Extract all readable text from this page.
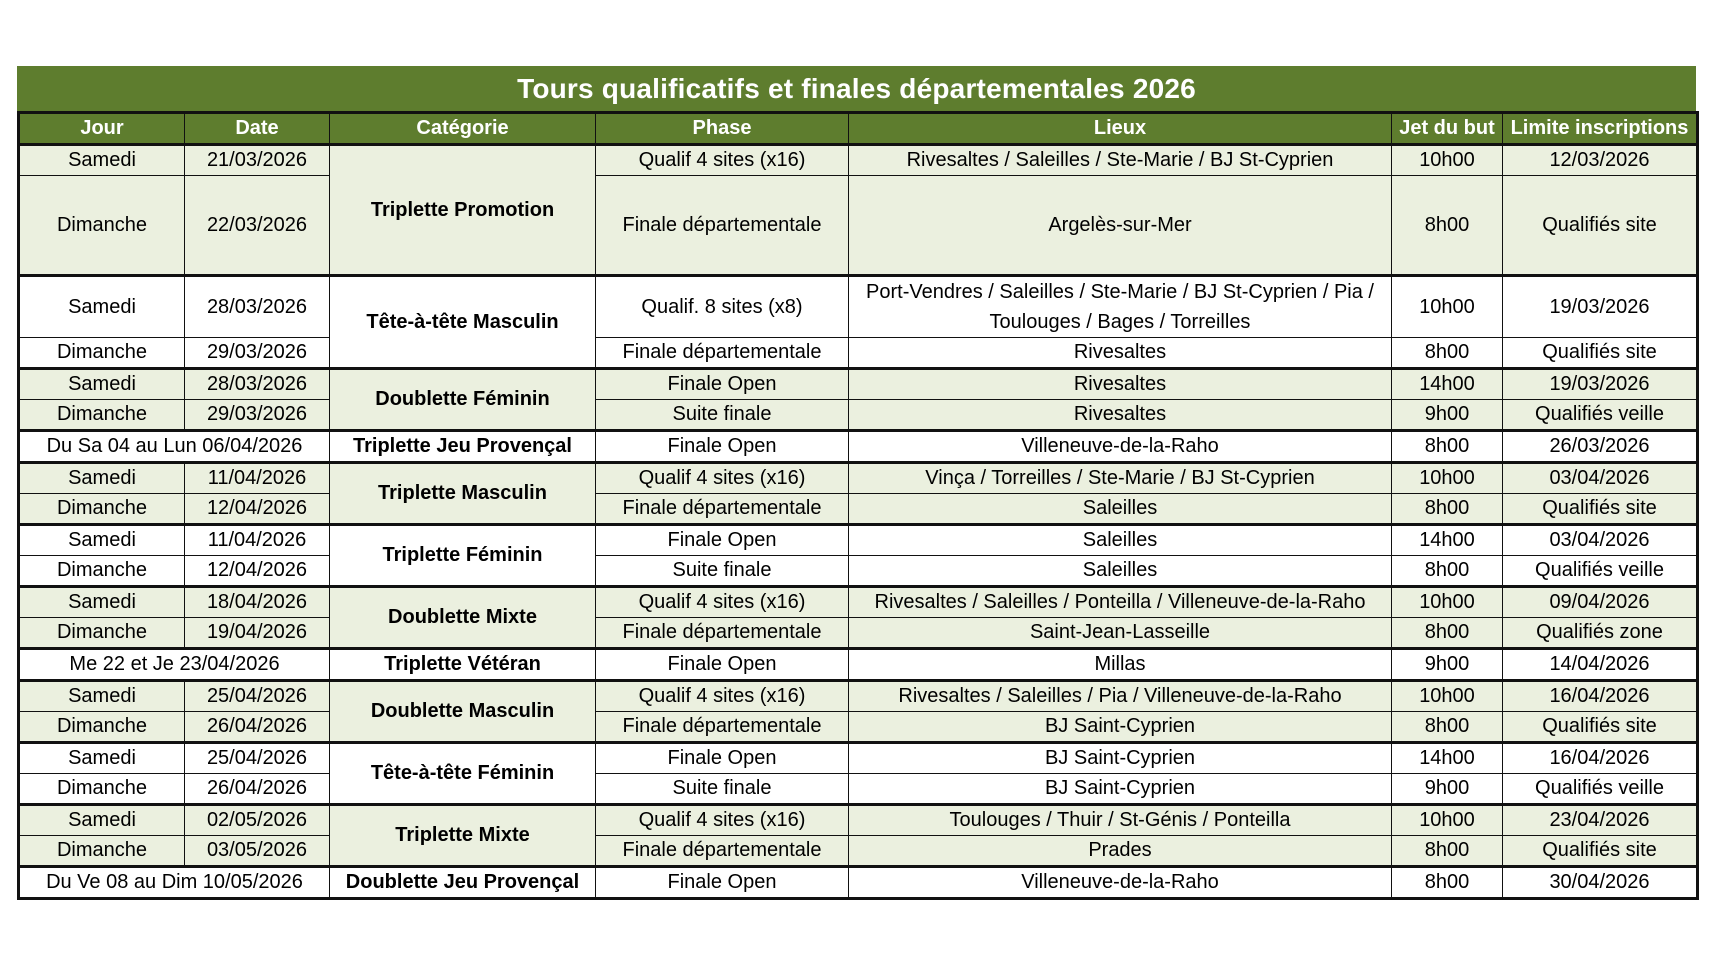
Tours qualificatifs et finales départementales 2026
Jour	Date	Catégorie	Phase	Lieux	Jet du but	Limite inscriptions
Samedi	21/03/2026	Triplette Promotion	Qualif 4 sites (x16)	Rivesaltes / Saleilles / Ste-Marie / BJ St-Cyprien	10h00	12/03/2026
Dimanche	22/03/2026		Finale départementale	Argelès-sur-Mer	8h00	Qualifiés site
Samedi	28/03/2026	Tête-à-tête Masculin	Qualif. 8 sites (x8)	Port-Vendres / Saleilles / Ste-Marie / BJ St-Cyprien / Pia / Toulouges / Bages / Torreilles	10h00	19/03/2026
Dimanche	29/03/2026		Finale départementale	Rivesaltes	8h00	Qualifiés site
Samedi	28/03/2026	Doublette Féminin	Finale Open	Rivesaltes	14h00	19/03/2026
Dimanche	29/03/2026		Suite finale	Rivesaltes	9h00	Qualifiés veille
Du Sa 04 au Lun 06/04/2026		Triplette Jeu Provençal	Finale Open	Villeneuve-de-la-Raho	8h00	26/03/2026
Samedi	11/04/2026	Triplette Masculin	Qualif 4 sites (x16)	Vinça / Torreilles / Ste-Marie / BJ St-Cyprien	10h00	03/04/2026
Dimanche	12/04/2026		Finale départementale	Saleilles	8h00	Qualifiés site
Samedi	11/04/2026	Triplette Féminin	Finale Open	Saleilles	14h00	03/04/2026
Dimanche	12/04/2026		Suite finale	Saleilles	8h00	Qualifiés veille
Samedi	18/04/2026	Doublette Mixte	Qualif 4 sites (x16)	Rivesaltes / Saleilles / Ponteilla / Villeneuve-de-la-Raho	10h00	09/04/2026
Dimanche	19/04/2026		Finale départementale	Saint-Jean-Lasseille	8h00	Qualifiés zone
Me 22 et Je 23/04/2026		Triplette Vétéran	Finale Open	Millas	9h00	14/04/2026
Samedi	25/04/2026	Doublette Masculin	Qualif 4 sites (x16)	Rivesaltes / Saleilles / Pia / Villeneuve-de-la-Raho	10h00	16/04/2026
Dimanche	26/04/2026		Finale départementale	BJ Saint-Cyprien	8h00	Qualifiés site
Samedi	25/04/2026	Tête-à-tête Féminin	Finale Open	BJ Saint-Cyprien	14h00	16/04/2026
Dimanche	26/04/2026		Suite finale	BJ Saint-Cyprien	9h00	Qualifiés veille
Samedi	02/05/2026	Triplette Mixte	Qualif 4 sites (x16)	Toulouges / Thuir / St-Génis / Ponteilla	10h00	23/04/2026
Dimanche	03/05/2026		Finale départementale	Prades	8h00	Qualifiés site
Du Ve 08 au Dim 10/05/2026		Doublette Jeu Provençal	Finale Open	Villeneuve-de-la-Raho	8h00	30/04/2026
